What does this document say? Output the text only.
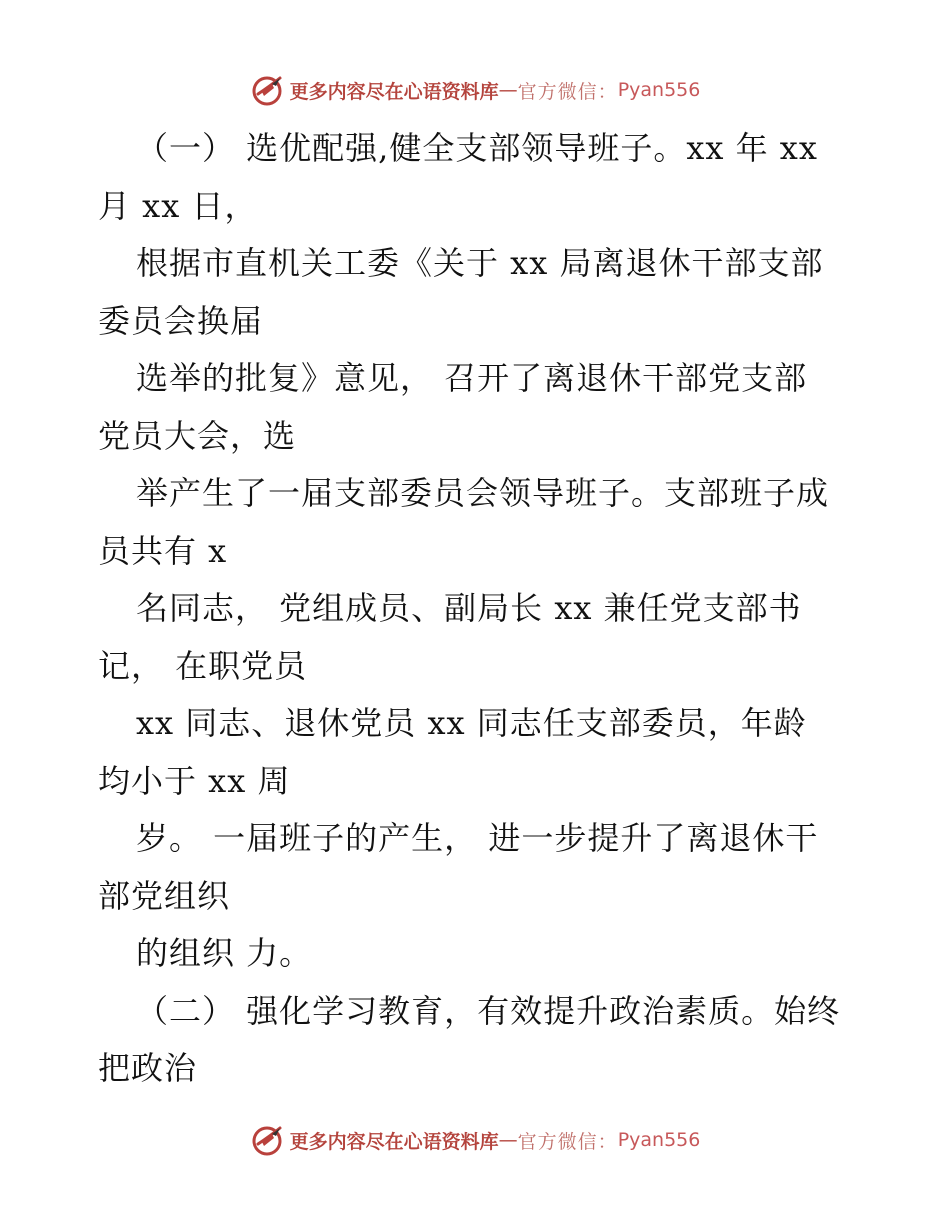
更多内容尽在心语资料库 — 官方微信： Pyan556
（一） 选优配强,健全支部领导班子。xx 年 xx
月 xx 日，
根据市直机关工委《关于 xx 局离退休干部支部
委员会换届
选举的批复》意见， 召开了离退休干部党支部
党员大会，选
举产生了一届支部委员会领导班子。支部班子成
员共有 x
名同志， 党组成员、副局长 xx 兼任党支部书
记， 在职党员
xx 同志、退休党员 xx 同志任支部委员，年龄
均小于 xx 周
岁。 一届班子的产生， 进一步提升了离退休干
部党组织
的组织 力。
（二） 强化学习教育，有效提升政治素质。始终
把政治
更多内容尽在心语资料库 — 官方微信： Pyan556
